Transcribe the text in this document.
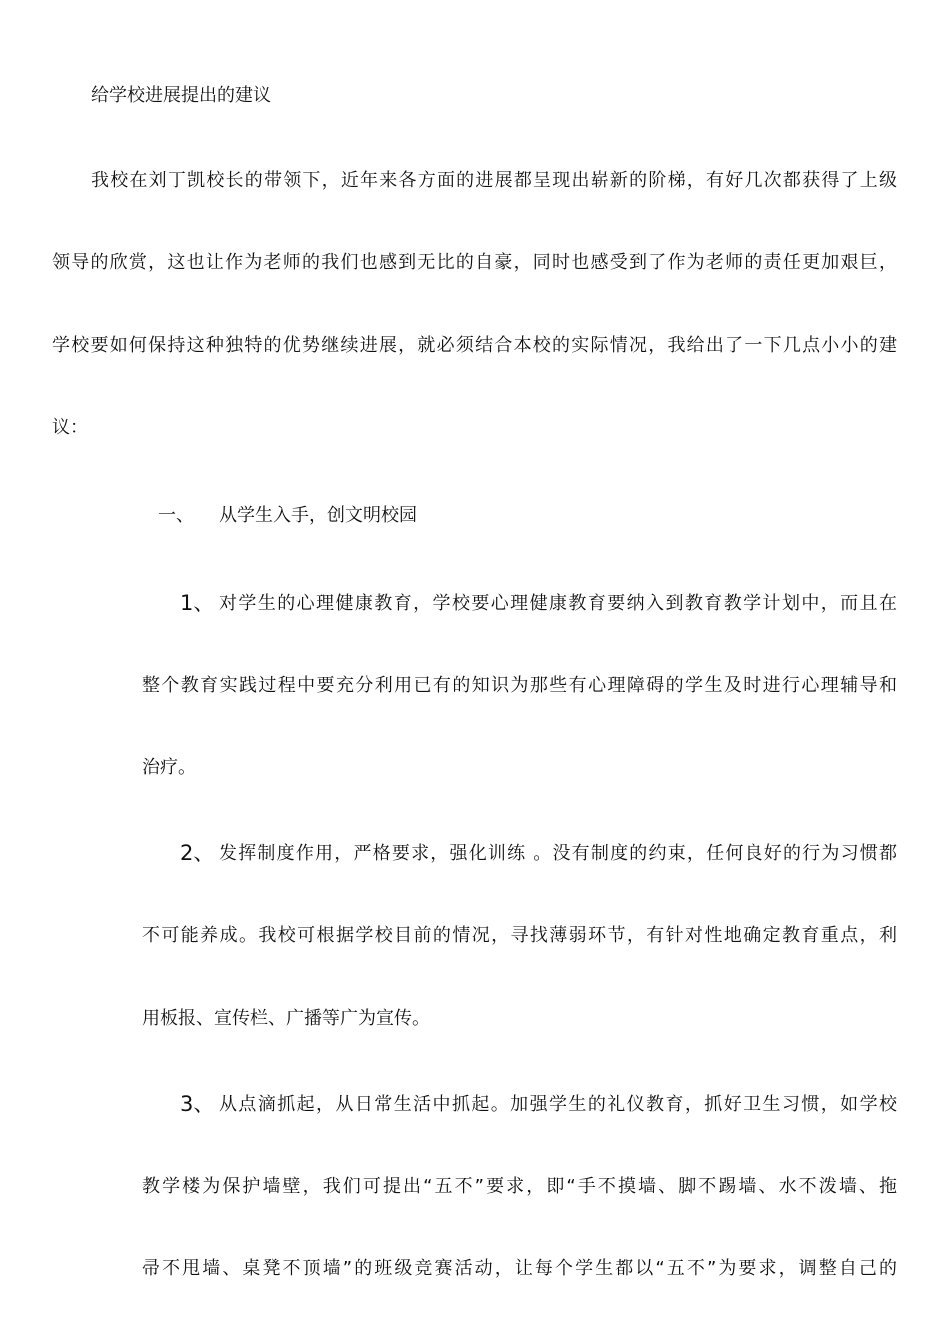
给学校进展提出的建议
我校在刘丁凯校长的带领下，近年来各方面的进展都呈现出崭新的阶梯，有好几次都获得了上级
领导的欣赏，这也让作为老师的我们也感到无比的自豪，同时也感受到了作为老师的责任更加艰巨，
学校要如何保持这种独特的优势继续进展，就必须结合本校的实际情况，我给出了一下几点小小的建
议：
一、 从学生入手，创文明校园
1、 对学生的心理健康教育，学校要心理健康教育要纳入到教育教学计划中，而且在
整个教育实践过程中要充分利用已有的知识为那些有心理障碍的学生及时进行心理辅导和
治疗。
2、 发挥制度作用，严格要求，强化训练 。没有制度的约束，任何良好的行为习惯都
不可能养成。我校可根据学校目前的情况，寻找薄弱环节，有针对性地确定教育重点，利
用板报、宣传栏、广播等广为宣传。
3、 从点滴抓起，从日常生活中抓起。加强学生的礼仪教育，抓好卫生习惯，如学校
教学楼为保护墙壁，我们可提出“五不”要求，即“手不摸墙、脚不踢墙、水不泼墙、拖
帚不甩墙、桌凳不顶墙”的班级竞赛活动，让每个学生都以“五不”为要求，调整自己的
